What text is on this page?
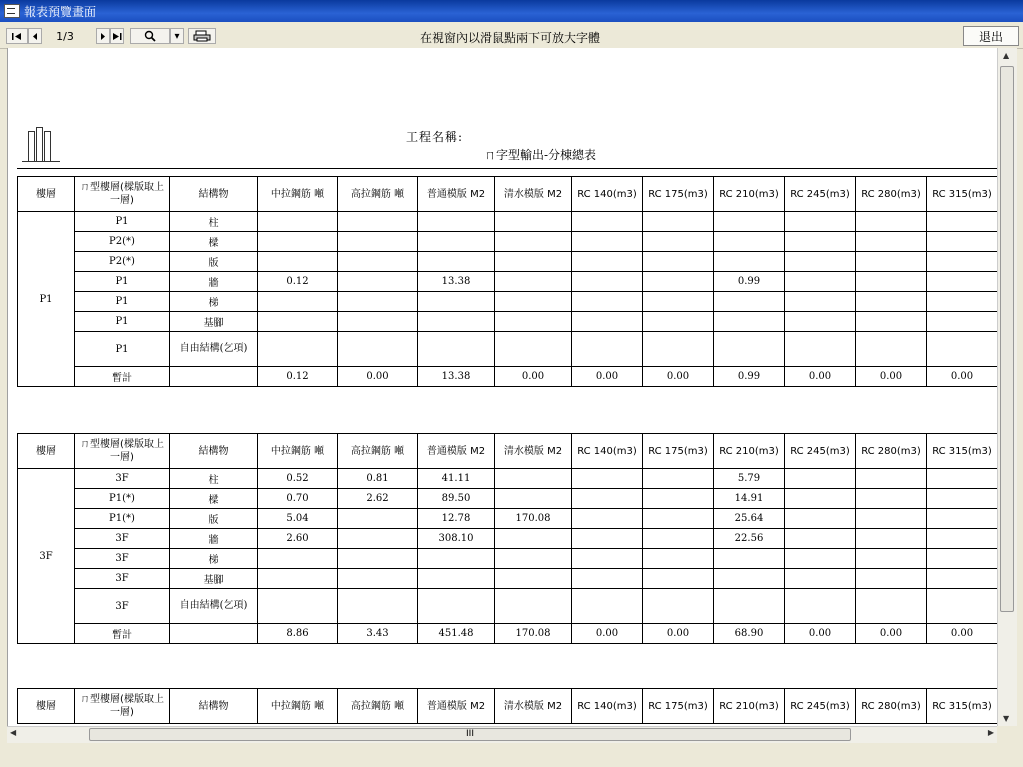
報表預覽畫面
1/3	▾	在視窗內以滑鼠點兩下可放大字體	退出
工程名稱:
ㄇ字型輸出-分棟總表
樓層	ㄇ型樓層(樑版取上一層)	結構物	中拉鋼筋 噸	高拉鋼筋 噸	普通模版 M2	清水模版 M2	RC 140(m3)	RC 175(m3)	RC 210(m3)	RC 245(m3)	RC 280(m3)	RC 315(m3)
P1	P1	柱										
	P2(*)	樑										
	P2(*)	版										
	P1	牆	0.12		13.38				0.99			
	P1	梯										
	P1	基腳										
	P1	自由結構(乞項)										
	暫計		0.12	0.00	13.38	0.00	0.00	0.00	0.99	0.00	0.00	0.00
樓層	ㄇ型樓層(樑版取上一層)	結構物	中拉鋼筋 噸	高拉鋼筋 噸	普通模版 M2	清水模版 M2	RC 140(m3)	RC 175(m3)	RC 210(m3)	RC 245(m3)	RC 280(m3)	RC 315(m3)
3F	3F	柱	0.52	0.81	41.11				5.79			
	P1(*)	樑	0.70	2.62	89.50				14.91			
	P1(*)	版	5.04		12.78	170.08			25.64			
	3F	牆	2.60		308.10				22.56			
	3F	梯										
	3F	基腳										
	3F	自由結構(乞項)										
	暫計		8.86	3.43	451.48	170.08	0.00	0.00	68.90	0.00	0.00	0.00
樓層	ㄇ型樓層(樑版取上一層)	結構物	中拉鋼筋 噸	高拉鋼筋 噸	普通模版 M2	清水模版 M2	RC 140(m3)	RC 175(m3)	RC 210(m3)	RC 245(m3)	RC 280(m3)	RC 315(m3)
▲
▼
◀	III	▶
